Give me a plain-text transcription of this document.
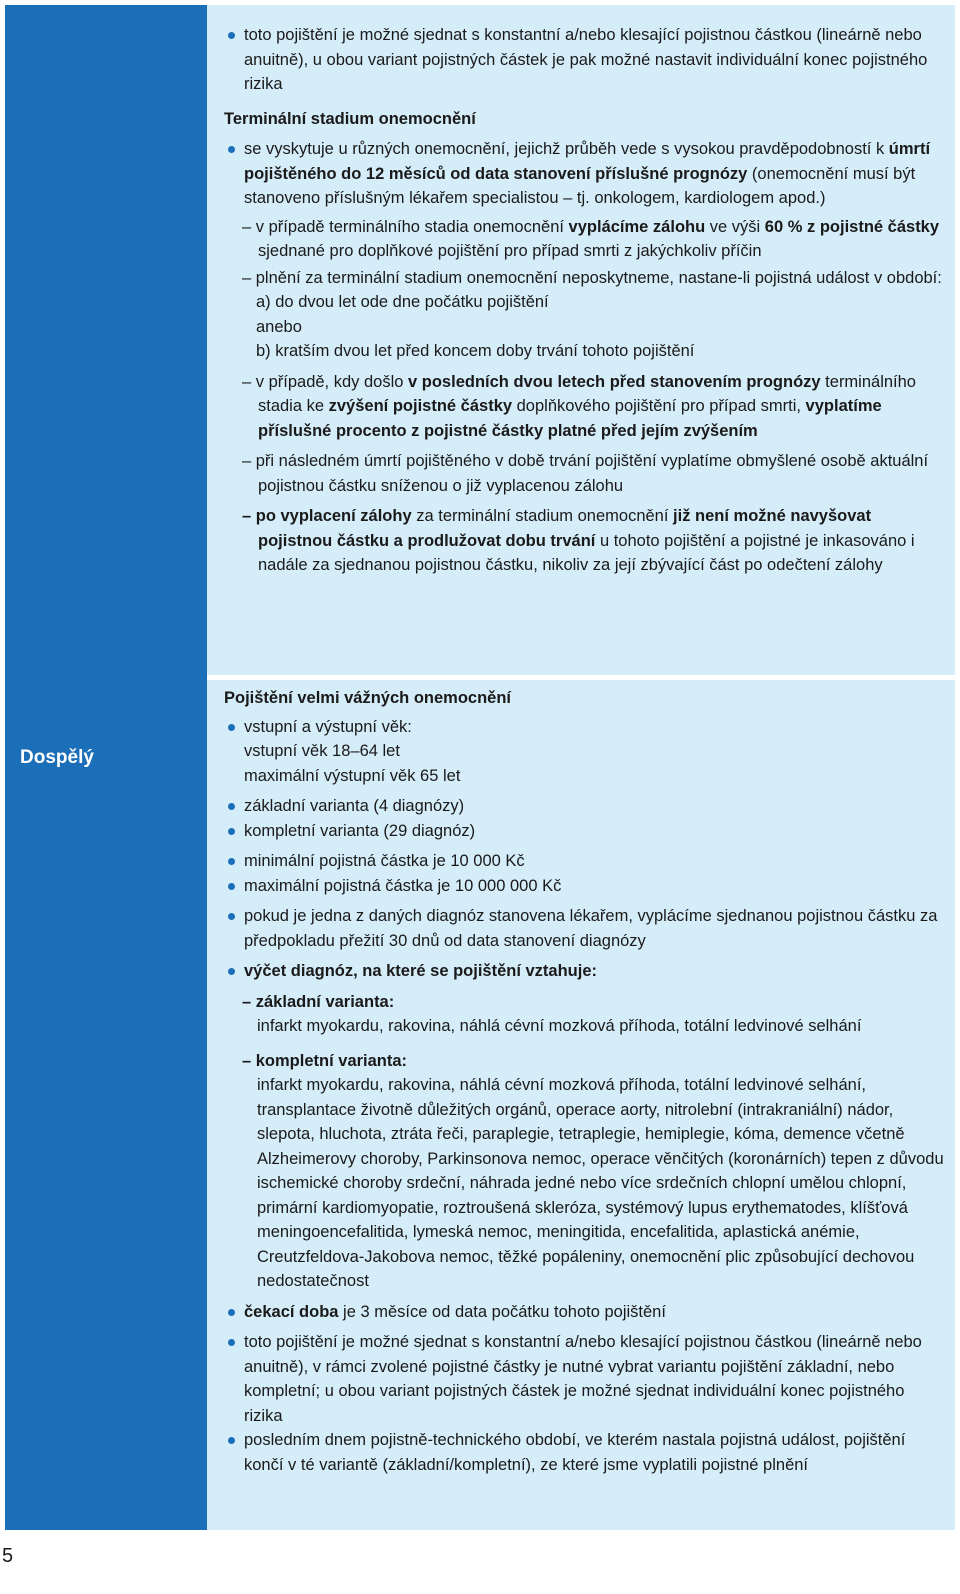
Dospělý
toto pojištění je možné sjednat s konstantní a/nebo klesající pojistnou částkou (lineárně nebo anuitně), u obou variant pojistných částek je pak možné nastavit individuální konec pojistného rizika
Terminální stadium onemocnění
se vyskytuje u různých onemocnění, jejichž průběh vede s vysokou pravděpodobností k úmrtí pojištěného do 12 měsíců od data stanovení příslušné prognózy (onemocnění musí být stanoveno příslušným lékařem specialistou – tj. onkologem, kardiologem apod.)
– v případě terminálního stadia onemocnění vyplácíme zálohu ve výši 60 % z pojistné částky sjednané pro doplňkové pojištění pro případ smrti z jakýchkoliv příčin
– plnění za terminální stadium onemocnění neposkytneme, nastane-li pojistná událost v období:
a) do dvou let ode dne počátku pojištění
anebo
b) kratším dvou let před koncem doby trvání tohoto pojištění
– v případě, kdy došlo v posledních dvou letech před stanovením prognózy terminálního stadia ke zvýšení pojistné částky doplňkového pojištění pro případ smrti, vyplatíme příslušné procento z pojistné částky platné před jejím zvýšením
– při následném úmrtí pojištěného v době trvání pojištění vyplatíme obmyšlené osobě aktuální pojistnou částku sníženou o již vyplacenou zálohu
– po vyplacení zálohy za terminální stadium onemocnění již není možné navyšovat pojistnou částku a prodlužovat dobu trvání u tohoto pojištění a pojistné je inkasováno i nadále za sjednanou pojistnou částku, nikoliv za její zbývající část po odečtení zálohy
Pojištění velmi vážných onemocnění
vstupní a výstupní věk:
vstupní věk 18–64 let
maximální výstupní věk 65 let
základní varianta (4 diagnózy)
kompletní varianta (29 diagnóz)
minimální pojistná částka je 10 000 Kč
maximální pojistná částka je 10 000 000 Kč
pokud je jedna z daných diagnóz stanovena lékařem, vyplácíme sjednanou pojistnou částku za předpokladu přežití 30 dnů od data stanovení diagnózy
výčet diagnóz, na které se pojištění vztahuje:
– základní varianta:
infarkt myokardu, rakovina, náhlá cévní mozková příhoda, totální ledvinové selhání
– kompletní varianta:
infarkt myokardu, rakovina, náhlá cévní mozková příhoda, totální ledvinové selhání, transplantace životně důležitých orgánů, operace aorty, nitrolební (intrakraniální) nádor, slepota, hluchota, ztráta řeči, paraplegie, tetraplegie, hemiplegie, kóma, demence včetně Alzheimerovy choroby, Parkinsonova nemoc, operace věnčitých (koronárních) tepen z důvodu ischemické choroby srdeční, náhrada jedné nebo více srdečních chlopní umělou chlopní, primární kardiomyopatie, roztroušená skleróza, systémový lupus erythematodes, klíšťová meningoencefalitida, lymeská nemoc, meningitida, encefalitida, aplastická anémie, Creutzfeldova-Jakobova nemoc, těžké popáleniny, onemocnění plic způsobující dechovou nedostatečnost
čekací doba je 3 měsíce od data počátku tohoto pojištění
toto pojištění je možné sjednat s konstantní a/nebo klesající pojistnou částkou (lineárně nebo anuitně), v rámci zvolené pojistné částky je nutné vybrat variantu pojištění základní, nebo kompletní; u obou variant pojistných částek je možné sjednat individuální konec pojistného rizika
posledním dnem pojistně-technického období, ve kterém nastala pojistná událost, pojištění končí v té variantě (základní/kompletní), ze které jsme vyplatili pojistné plnění
5
